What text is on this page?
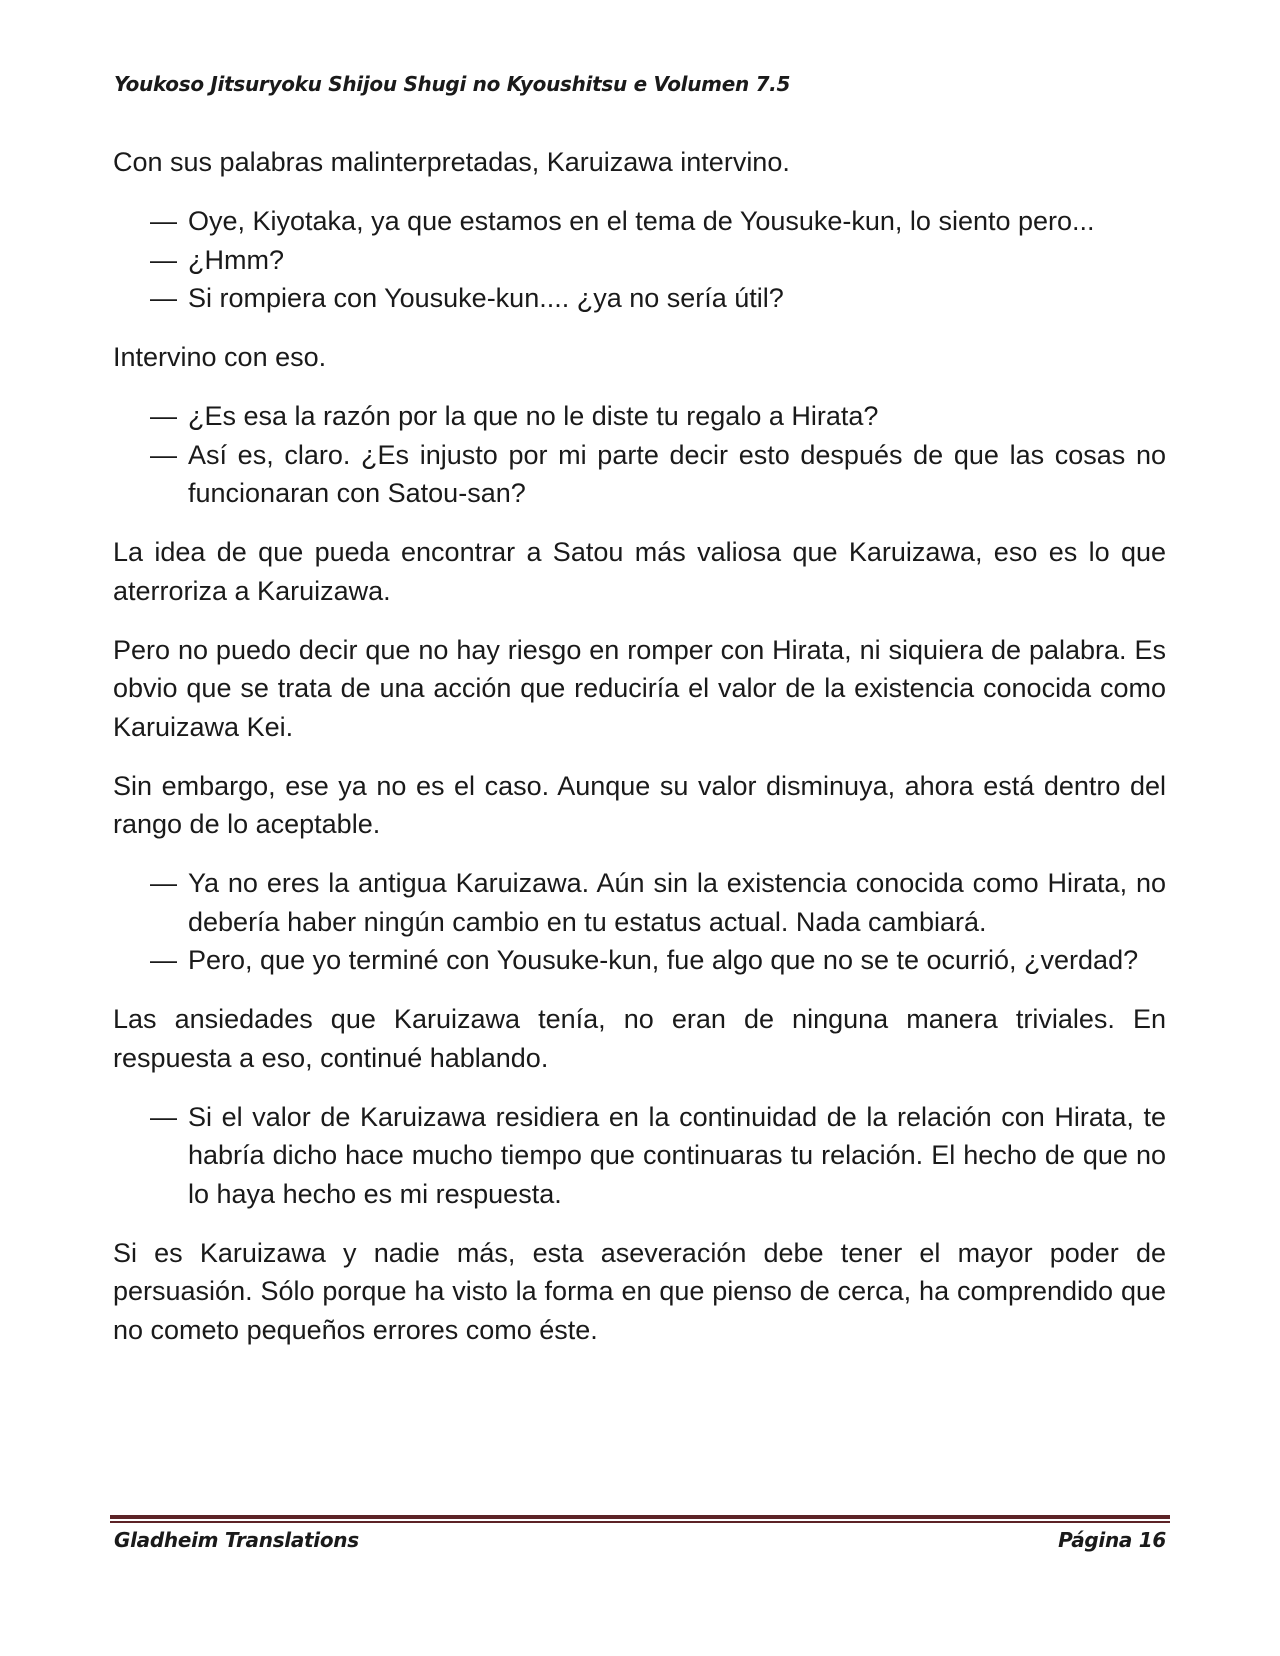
Youkoso Jitsuryoku Shijou Shugi no Kyoushitsu e Volumen 7.5

Con sus palabras malinterpretadas, Karuizawa intervino.

— Oye, Kiyotaka, ya que estamos en el tema de Yousuke-kun, lo siento pero...
— ¿Hmm?
— Si rompiera con Yousuke-kun.... ¿ya no sería útil?

Intervino con eso.

— ¿Es esa la razón por la que no le diste tu regalo a Hirata?
— Así es, claro. ¿Es injusto por mi parte decir esto después de que las cosas no funcionaran con Satou-san?

La idea de que pueda encontrar a Satou más valiosa que Karuizawa, eso es lo que aterroriza a Karuizawa.

Pero no puedo decir que no hay riesgo en romper con Hirata, ni siquiera de palabra. Es obvio que se trata de una acción que reduciría el valor de la existencia conocida como Karuizawa Kei.

Sin embargo, ese ya no es el caso. Aunque su valor disminuya, ahora está dentro del rango de lo aceptable.

— Ya no eres la antigua Karuizawa. Aún sin la existencia conocida como Hirata, no debería haber ningún cambio en tu estatus actual. Nada cambiará.
— Pero, que yo terminé con Yousuke-kun, fue algo que no se te ocurrió, ¿verdad?

Las ansiedades que Karuizawa tenía, no eran de ninguna manera triviales. En respuesta a eso, continué hablando.

— Si el valor de Karuizawa residiera en la continuidad de la relación con Hirata, te habría dicho hace mucho tiempo que continuaras tu relación. El hecho de que no lo haya hecho es mi respuesta.

Si es Karuizawa y nadie más, esta aseveración debe tener el mayor poder de persuasión. Sólo porque ha visto la forma en que pienso de cerca, ha comprendido que no cometo pequeños errores como éste.

Gladheim Translations	Página 16
